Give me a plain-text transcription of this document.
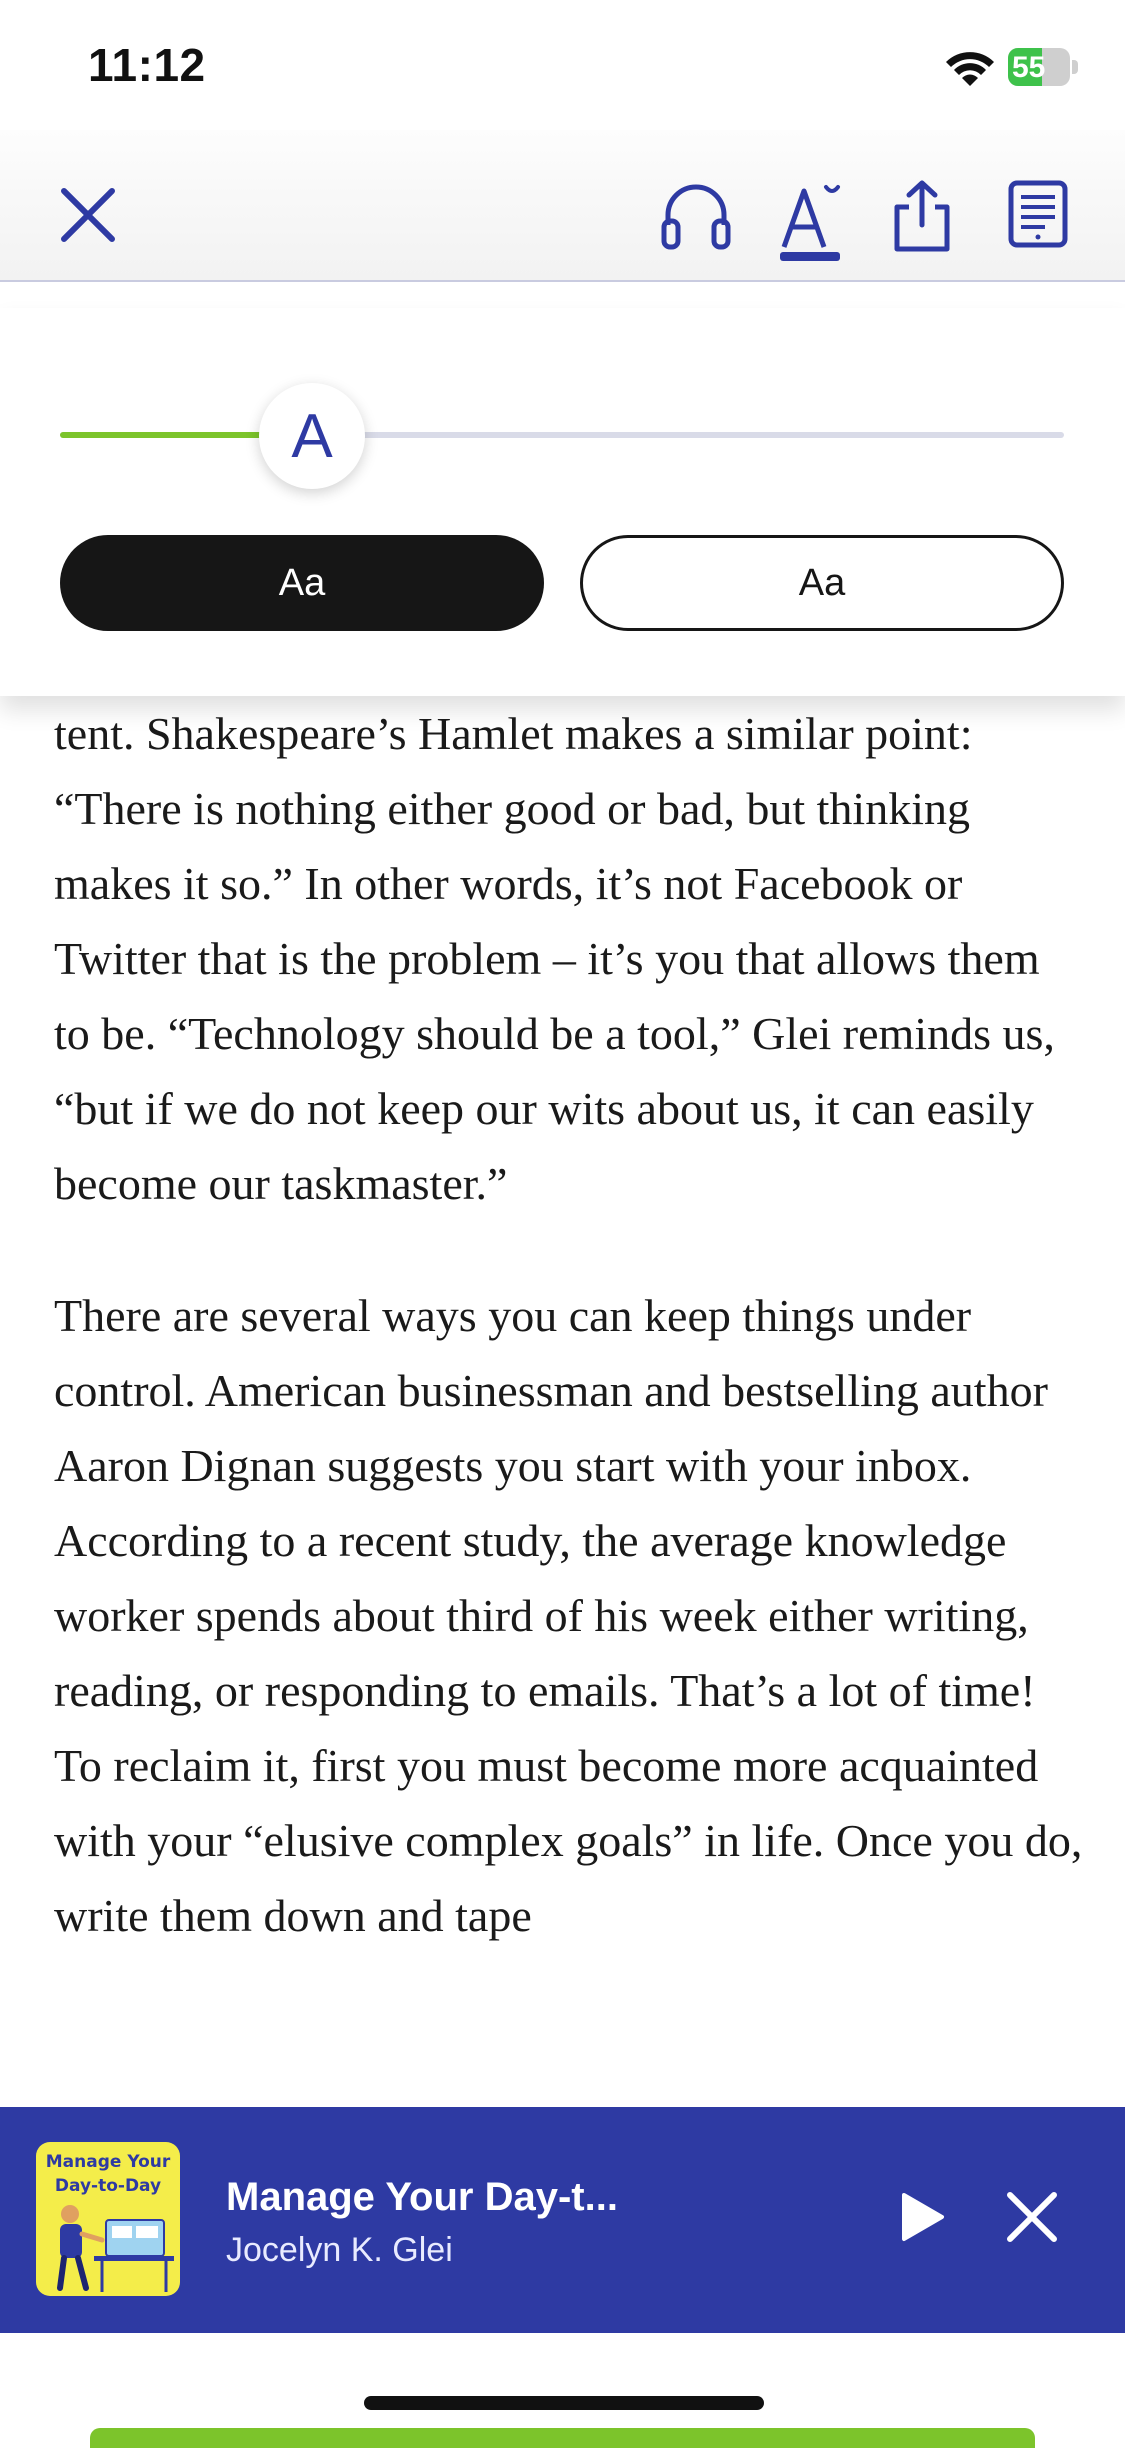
11:12	55
A
Aa	Aa

tent. Shakespeare’s Hamlet makes a similar point: “There is nothing either good or bad, but thinking makes it so.” In other words, it’s not Facebook or Twitter that is the problem – it’s you that allows them to be. “Technology should be a tool,” Glei reminds us, “but if we do not keep our wits about us, it can easily become our taskmaster.”

There are several ways you can keep things under control. American businessman and bestselling author Aaron Dignan suggests you start with your inbox. According to a recent study, the average knowledge worker spends about third of his week either writing, reading, or responding to emails. That’s a lot of time! To reclaim it, first you must become more acquainted with your “elusive complex goals” in life. Once you do, write them down and tape

Manage Your
Day-to-Day	Manage Your Day-t...
Jocelyn K. Glei
